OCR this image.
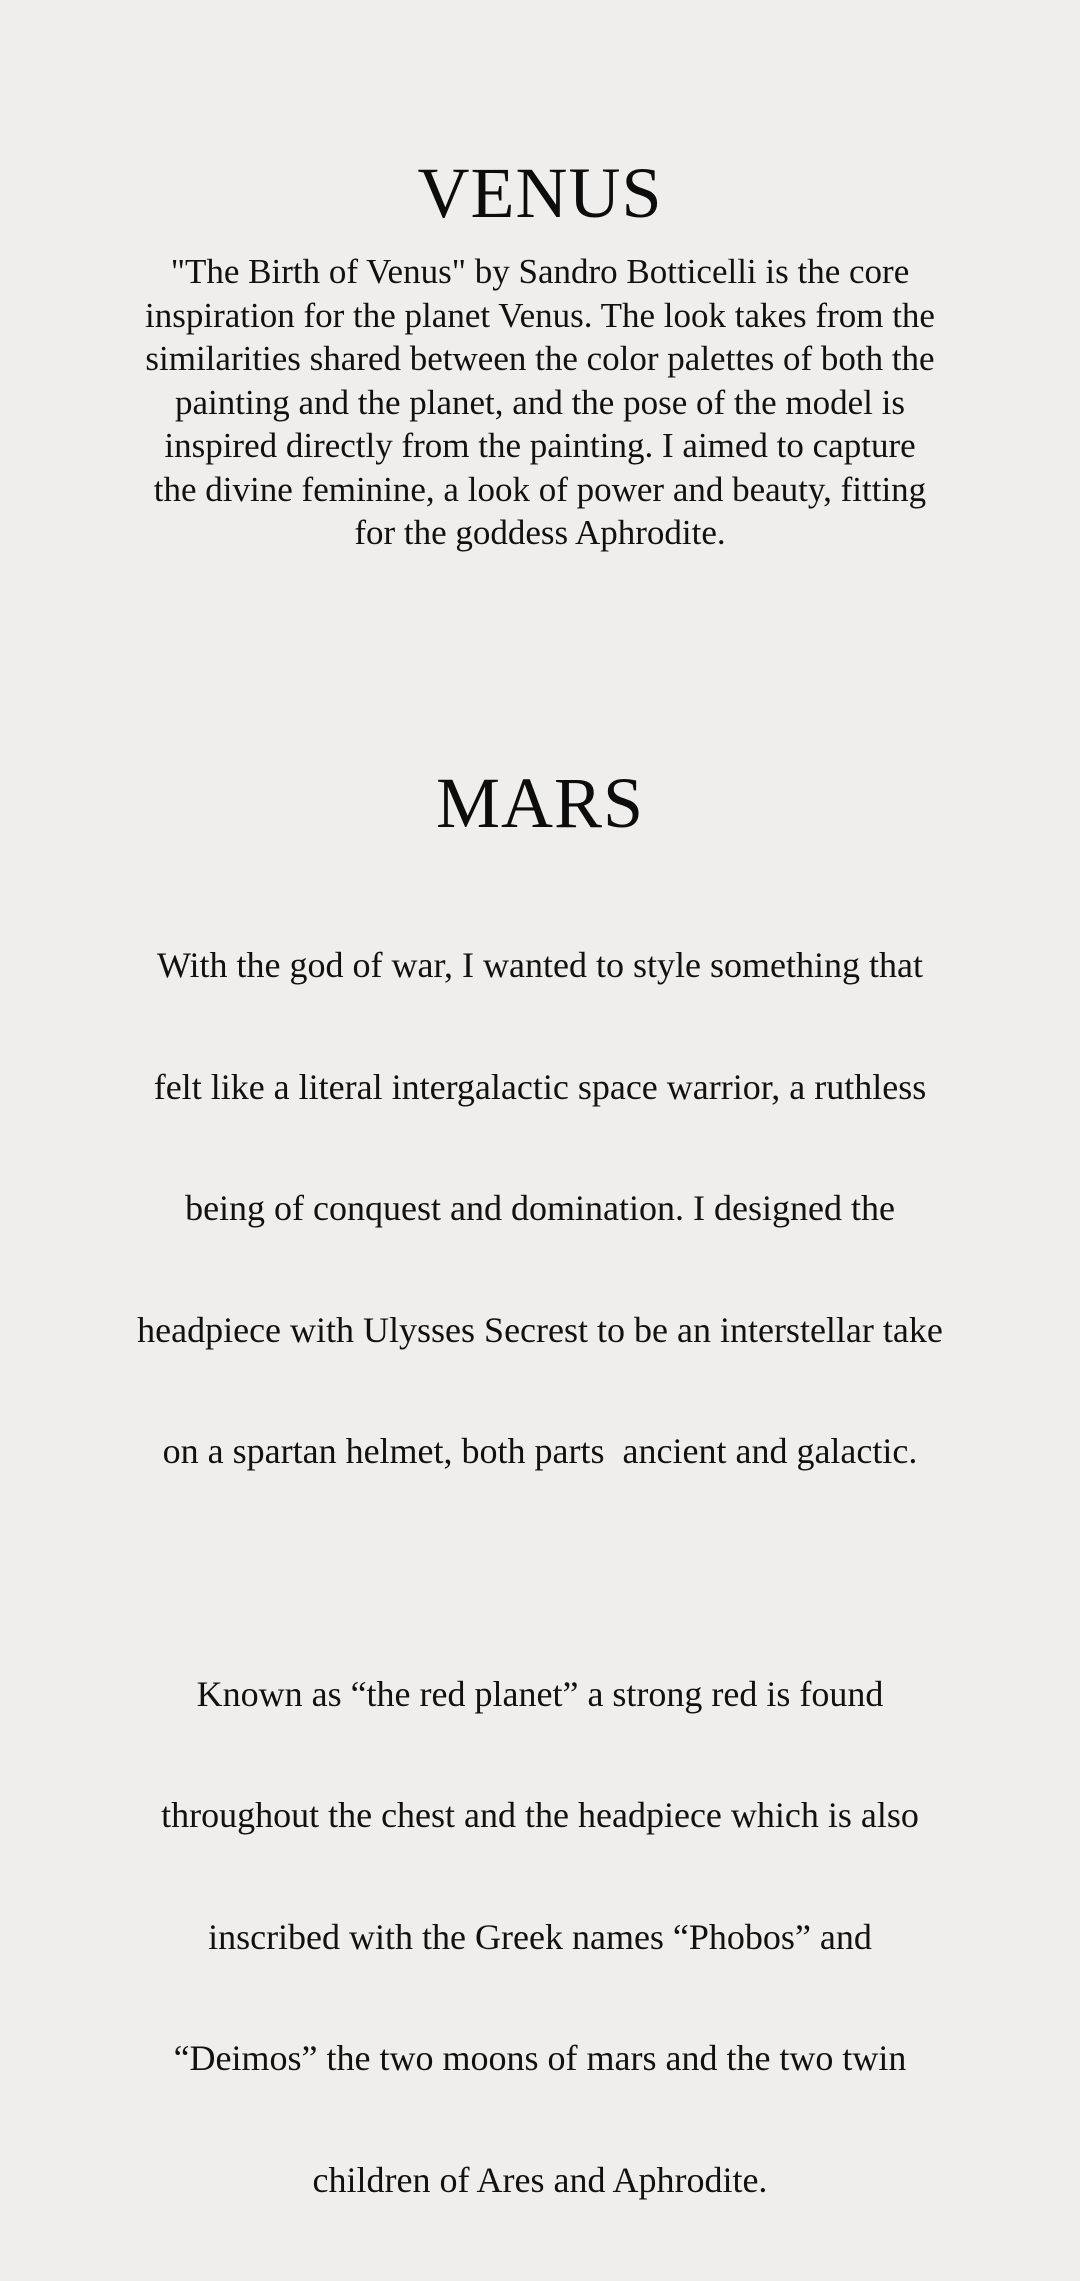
VENUS

"The Birth of Venus" by Sandro Botticelli is the core
inspiration for the planet Venus. The look takes from the
similarities shared between the color palettes of both the
painting and the planet, and the pose of the model is
inspired directly from the painting. I aimed to capture
the divine feminine, a look of power and beauty, fitting
for the goddess Aphrodite.

MARS

With the god of war, I wanted to style something that

felt like a literal intergalactic space warrior, a ruthless

being of conquest and domination. I designed the

headpiece with Ulysses Secrest to be an interstellar take

on a spartan helmet, both parts  ancient and galactic.

Known as “the red planet” a strong red is found

throughout the chest and the headpiece which is also

inscribed with the Greek names “Phobos” and

“Deimos” the two moons of mars and the two twin

children of Ares and Aphrodite.
